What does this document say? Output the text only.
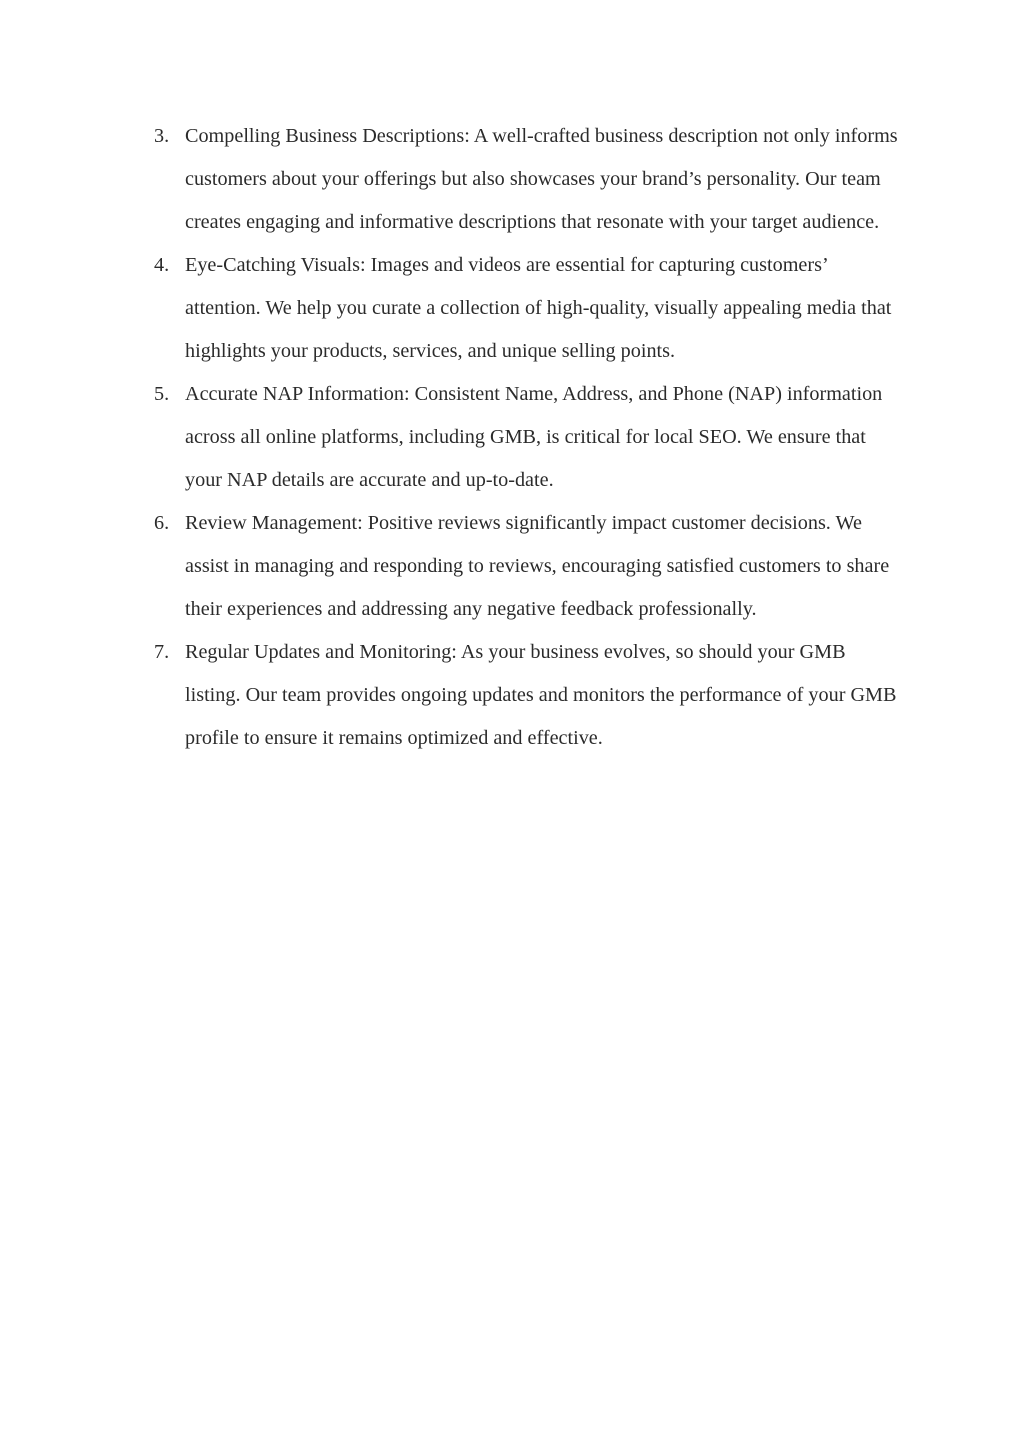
3. Compelling Business Descriptions: A well-crafted business description not only informs customers about your offerings but also showcases your brand’s personality. Our team creates engaging and informative descriptions that resonate with your target audience.
4. Eye-Catching Visuals: Images and videos are essential for capturing customers’ attention. We help you curate a collection of high-quality, visually appealing media that highlights your products, services, and unique selling points.
5. Accurate NAP Information: Consistent Name, Address, and Phone (NAP) information across all online platforms, including GMB, is critical for local SEO. We ensure that your NAP details are accurate and up-to-date.
6. Review Management: Positive reviews significantly impact customer decisions. We assist in managing and responding to reviews, encouraging satisfied customers to share their experiences and addressing any negative feedback professionally.
7. Regular Updates and Monitoring: As your business evolves, so should your GMB listing. Our team provides ongoing updates and monitors the performance of your GMB profile to ensure it remains optimized and effective.
